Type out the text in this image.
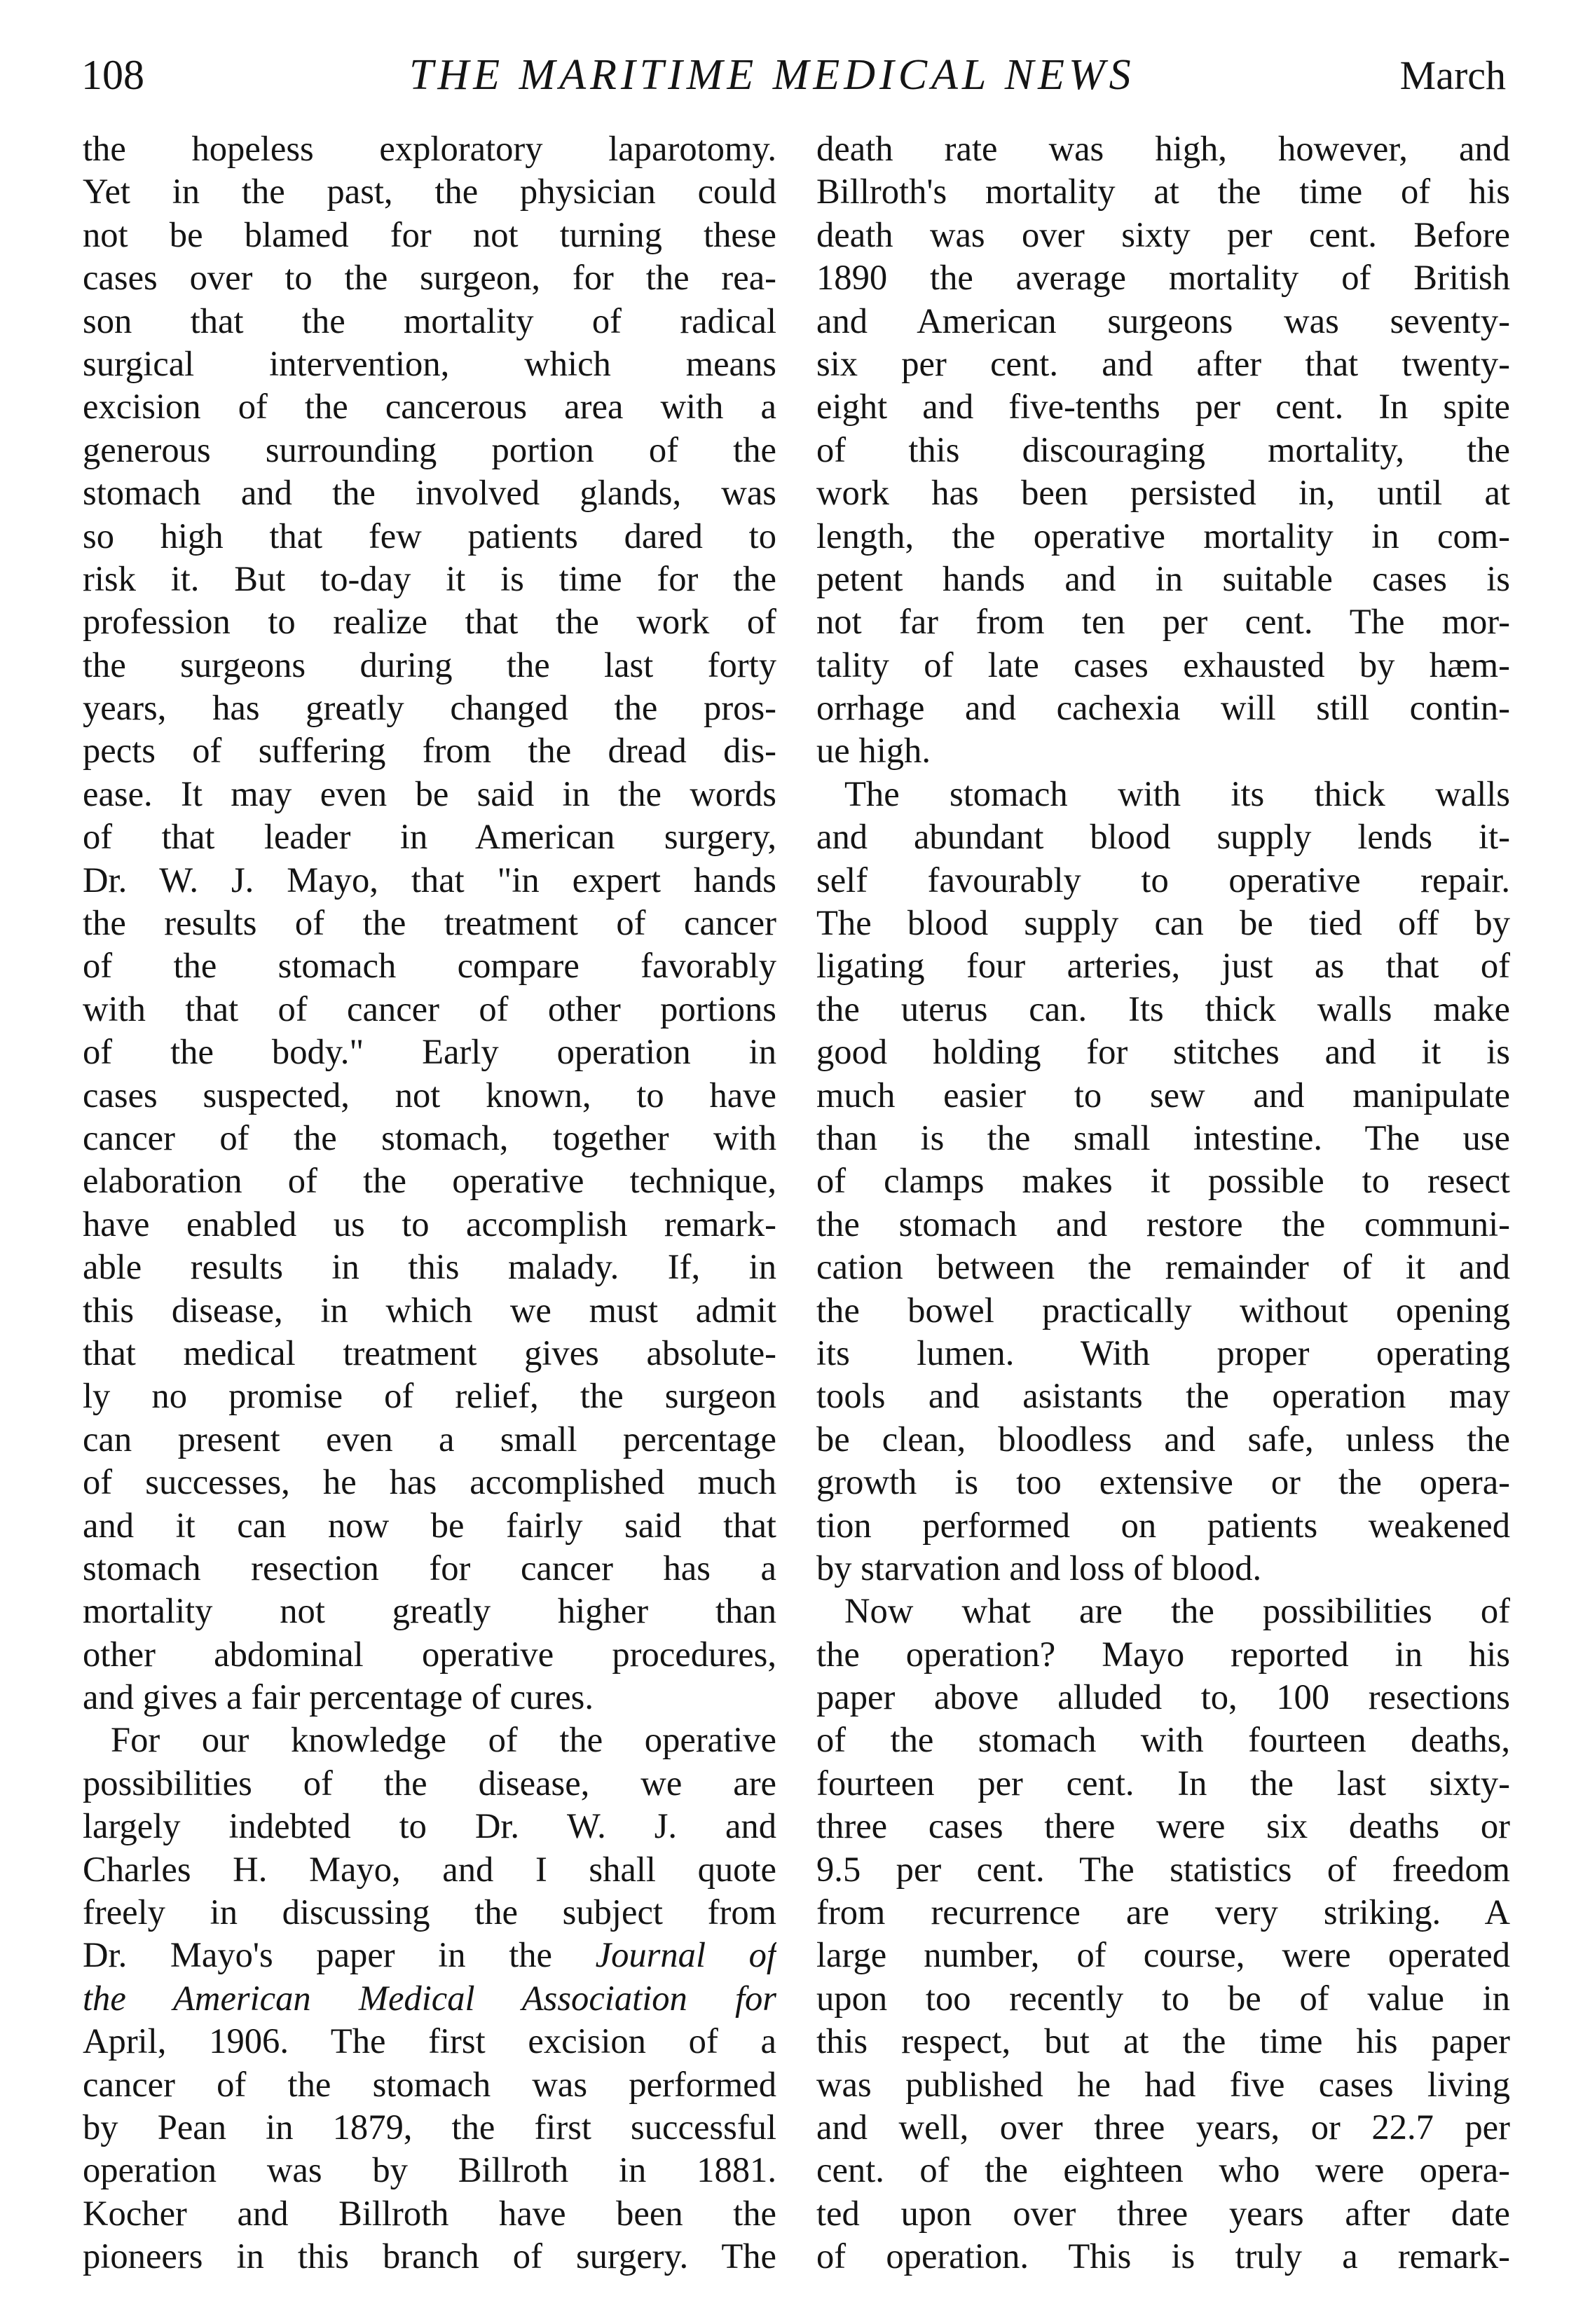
108	THE MARITIME MEDICAL NEWS	March
the hopeless exploratory laparotomy.
Yet in the past, the physician could
not be blamed for not turning these
cases over to the surgeon, for the rea-
son that the mortality of radical
surgical intervention, which means
excision of the cancerous area with a
generous surrounding portion of the
stomach and the involved glands, was
so high that few patients dared to
risk it. But to-day it is time for the
profession to realize that the work of
the surgeons during the last forty
years, has greatly changed the pros-
pects of suffering from the dread dis-
ease. It may even be said in the words
of that leader in American surgery,
Dr. W. J. Mayo, that "in expert hands
the results of the treatment of cancer
of the stomach compare favorably
with that of cancer of other portions
of the body." Early operation in
cases suspected, not known, to have
cancer of the stomach, together with
elaboration of the operative technique,
have enabled us to accomplish remark-
able results in this malady. If, in
this disease, in which we must admit
that medical treatment gives absolute-
ly no promise of relief, the surgeon
can present even a small percentage
of successes, he has accomplished much
and it can now be fairly said that
stomach resection for cancer has a
mortality not greatly higher than
other abdominal operative procedures,
and gives a fair percentage of cures.
For our knowledge of the operative
possibilities of the disease, we are
largely indebted to Dr. W. J. and
Charles H. Mayo, and I shall quote
freely in discussing the subject from
Dr. Mayo's paper in the Journal of
the American Medical Association for
April, 1906. The first excision of a
cancer of the stomach was performed
by Pean in 1879, the first successful
operation was by Billroth in 1881.
Kocher and Billroth have been the
pioneers in this branch of surgery. The
death rate was high, however, and
Billroth's mortality at the time of his
death was over sixty per cent. Before
1890 the average mortality of British
and American surgeons was seventy-
six per cent. and after that twenty-
eight and five-tenths per cent. In spite
of this discouraging mortality, the
work has been persisted in, until at
length, the operative mortality in com-
petent hands and in suitable cases is
not far from ten per cent. The mor-
tality of late cases exhausted by hæm-
orrhage and cachexia will still contin-
ue high.
The stomach with its thick walls
and abundant blood supply lends it-
self favourably to operative repair.
The blood supply can be tied off by
ligating four arteries, just as that of
the uterus can. Its thick walls make
good holding for stitches and it is
much easier to sew and manipulate
than is the small intestine. The use
of clamps makes it possible to resect
the stomach and restore the communi-
cation between the remainder of it and
the bowel practically without opening
its lumen. With proper operating
tools and asistants the operation may
be clean, bloodless and safe, unless the
growth is too extensive or the opera-
tion performed on patients weakened
by starvation and loss of blood.
Now what are the possibilities of
the operation? Mayo reported in his
paper above alluded to, 100 resections
of the stomach with fourteen deaths,
fourteen per cent. In the last sixty-
three cases there were six deaths or
9.5 per cent. The statistics of freedom
from recurrence are very striking. A
large number, of course, were operated
upon too recently to be of value in
this respect, but at the time his paper
was published he had five cases living
and well, over three years, or 22.7 per
cent. of the eighteen who were opera-
ted upon over three years after date
of operation. This is truly a remark-
